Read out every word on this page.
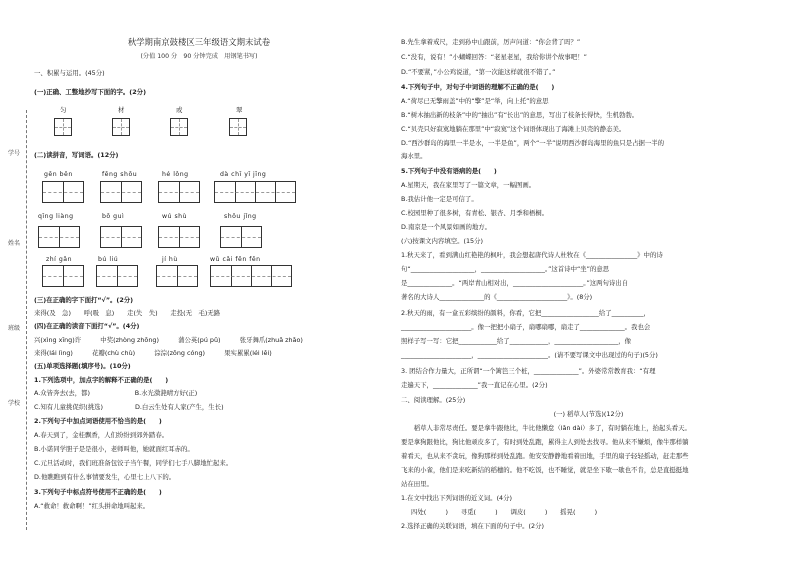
学号
姓名
班级
学校
秋学期南京鼓楼区三年级语文期末试卷
(分值 100 分　90 分钟完成　用钢笔书写)
一、积累与运用。(45分)
(一)正确、工整地抄写下面的字。(2分)
匀	材	或	翠
(二)读拼音，写词语。(12分)
gēn bēn	fēng shōu	hé lǒng	dà chī yī jīng
qīng liàng	bō guì	wú shù	shǒu jǐng
zhí gǎn	bú liú	jí hù	wǔ cǎi fēn fēn
(三)在正确的字下面打“√”。(2分)
来得(及　急)　　呼(吸　息)　　走(失　失)　　走投(无　毛)无路
(四)在正确的读音下面打“√”。(4分)
兴(xìng xīng)许　　　中奖(zhòng zhōng)　　　蒲公英(pú pǔ)　　　张牙舞爪(zhuǎ zhǎo)
来得(lái lìng)　　　花瓣(chù chù)　　　淙淙(zōng cóng)　　　果实累累(léi lěi)
(五)单项选择题(填序号)。(10分)
1.下列选项中，加点字的解释不正确的是(　　)
A.众皆奔去(去，都)　　　　　　　B.水光潋滟晴方好(正)
C.知有儿童挑促织(挑选)　　　　　D.白云生处有人家(产生，生长)
2.下列句子中加点词语使用不恰当的是(　　)
A.春天到了，金桂飘香，人们纷纷到郊外踏春。
B.小诺同学胆子是是很小，老师叫他，她就面红耳赤的。
C.元旦活动时，我们班准备包饺子当午餐，同学们七手八脚地忙起来。
D.他瞧瞧到有什么事情要发生，心里七上八下的。
3.下列句子中标点符号使用不正确的是(　　)
A.“救命！救命啊！”红头拼命地叫起来。
B.先生拿着戒尺，走到孙中山跟前，厉声问道：“你会背了吗？”
C.“没有，说有！”小蝴蝶回答：“老星老星，我给你讲个故事吧！”
D.“不要紧，”小公鸡说道，“第一次能这样就很不错了。”
4.下列句子中，对句子中词语的理解不正确的是(　　)
A.“荷尽已无擎雨盖”中的“擎”是“举，向上托”的意思
B.“树木抽出新的枝条”中的“抽出”有“长出”的意思，写出了枝条长得快，生机勃勃。
C.“贝壳只好寂寞地躺在那里”中“寂寞”这个词语体现出了海滩上贝壳的静态美。
D.“西沙群岛的海里一半是水，一半是鱼”，两个“一半”说明西沙群岛海里的鱼只是占据一半的
海水里。
5.下列句子中没有语病的是(　　)
A.星期天，我在家里写了一篇文章，一幅图画。
B.我估计他一定是可信了。
C.校园里种了很多树，有青松、银杏、月季和梧桐。
D.南京是一个风景如画的地方。
(六)按课文内容填空。(15分)
1.秋天来了，看到满山红艳艳的枫叶，我会想起唐代诗人杜牧在《________________》中的诗
句“____________________，____________________。”这首诗中“坐”的意思
是______________。“两岸青山相对出，______________________。”这两句诗出自
著名的大诗人______________的《______________________》。(8分)
2.秋天的雨，有一盒五彩缤纷的颜料，你看，它把__________________给了__________，
______________________。像一把把小扇子，扇哪扇哪，扇走了______________。我也会
照样子写一写：它把____________给了____________，____________________，像
______________________，______________________。(请不要写课文中出现过的句子)(5分)
3. 团结合作力量大，正所谓“一个篱笆三个桩，______________”。外婆常常教育我：“有理
走遍天下，______________”我一直记在心里。(2分)
二、阅读理解。(25分)
(一) 稻草人(节选)(12分)
　　稻草人非常尽责任。要是拿牛跟他比，牛比他懒怠（lǎn dài）多了，有时躺在地上，抬起头看天。
要是拿狗跟他比，狗比他顽皮多了，有时到处乱跑，累得主人到处去找寻。他从来不嫌烦，像牛那样躺
着看天，也从来不贪玩，像狗那样到处乱跑。他安安静静地看着田地，手里的扇子轻轻摇动，赶走那些
飞来的小雀，他们是来吃新结的稻穗的。他不吃饭，也不睡觉，就是坐下歇一歇也不肯，总是直挺挺地
站在田里。
1.在文中找出下列词语的近义词。(4分)
四处(　　　)　　寻觅(　　　)　　调皮(　　　)　　摇晃(　　　)
2.选择正确的关联词语，填在下面的句子中。(2分)
